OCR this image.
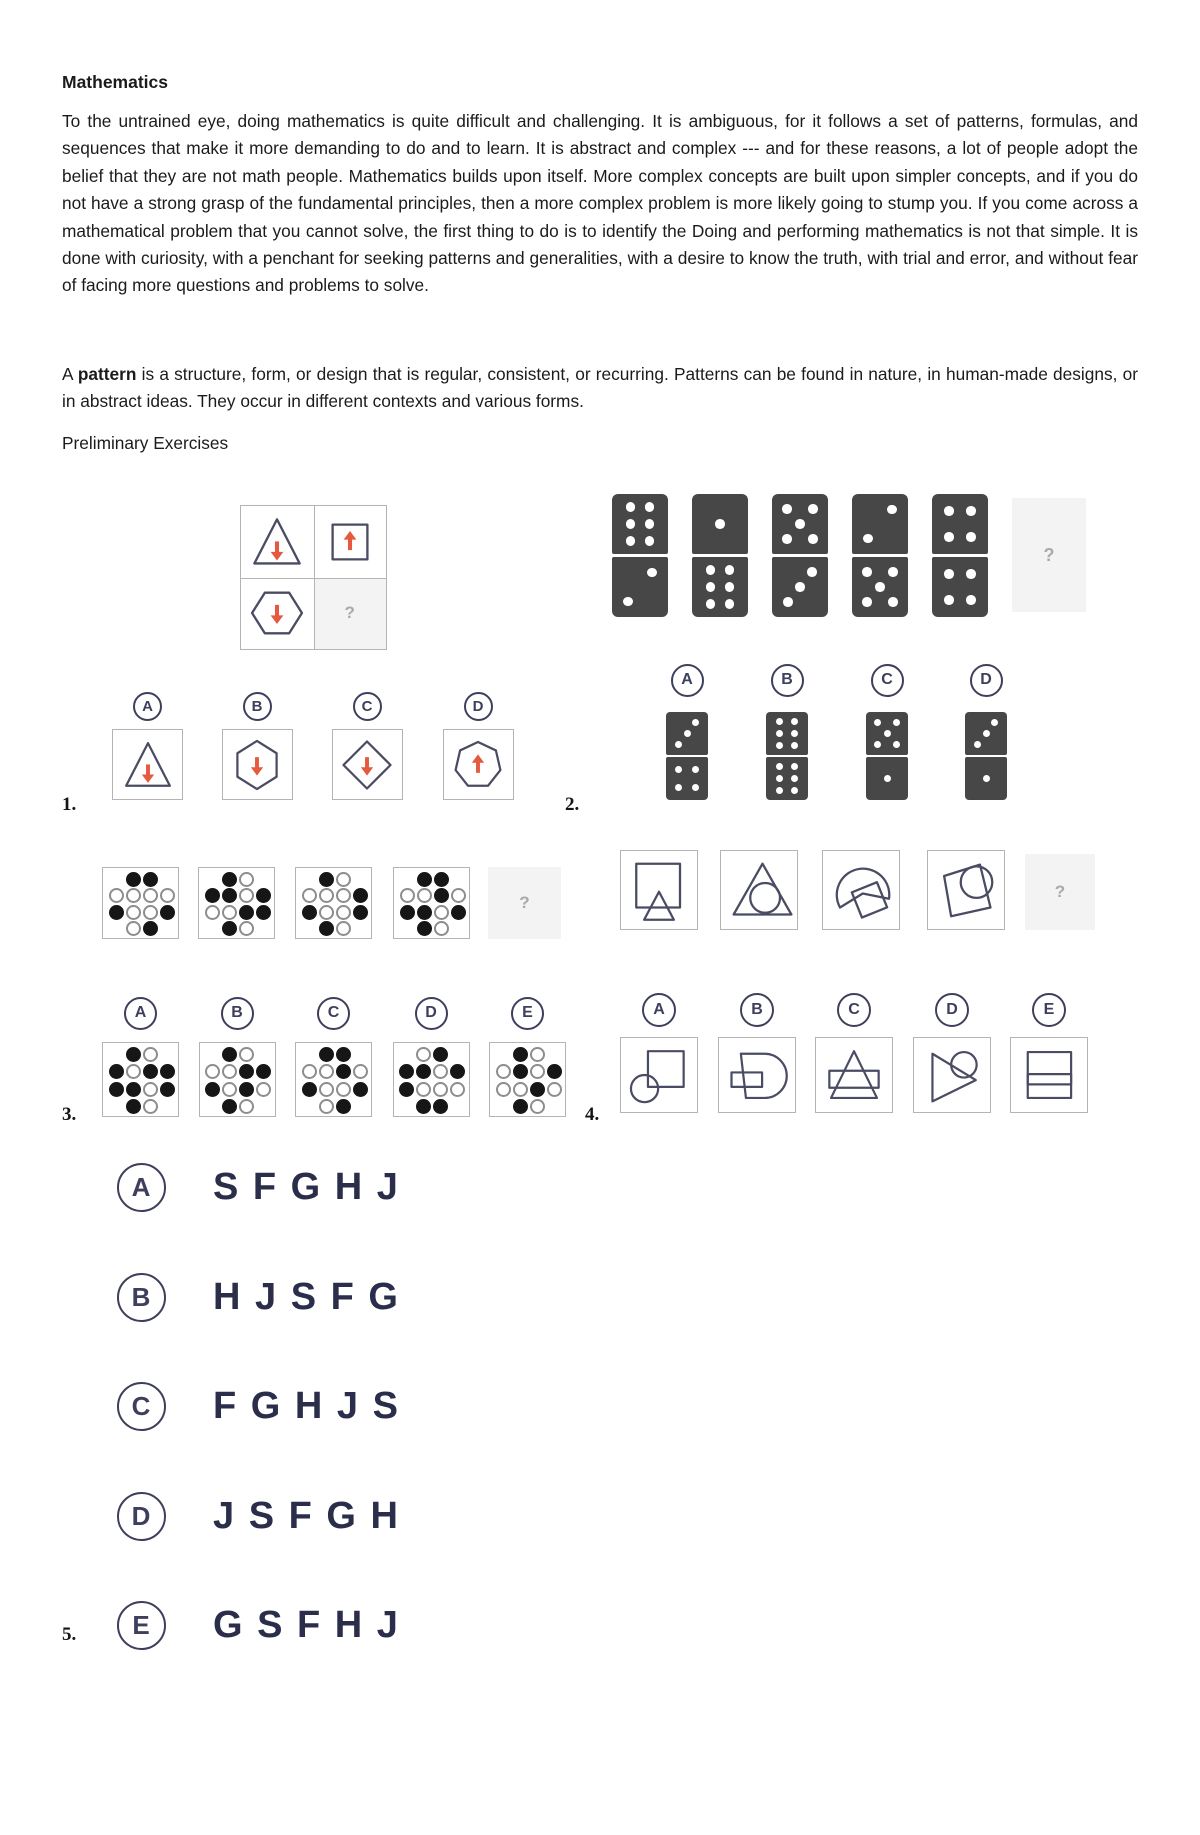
Mathematics

To the untrained eye, doing mathematics is quite difficult and challenging. It is ambiguous, for it follows a set of patterns, formulas, and sequences that make it more demanding to do and to learn. It is abstract and complex --- and for these reasons, a lot of people adopt the belief that they are not math people. Mathematics builds upon itself. More complex concepts are built upon simpler concepts, and if you do not have a strong grasp of the fundamental principles, then a more complex problem is more likely going to stump you. If you come across a mathematical problem that you cannot solve, the first thing to do is to identify the Doing and performing mathematics is not that simple. It is done with curiosity, with a penchant for seeking patterns and generalities, with a desire to know the truth, with trial and error, and without fear of facing more questions and problems to solve.

A pattern is a structure, form, or design that is regular, consistent, or recurring. Patterns can be found in nature, in human-made designs, or in abstract ideas. They occur in different contexts and various forms.

Preliminary Exercises
1.	2.
3.	4.
5.
?
A	B	C	D
?
A	B	C	D
?
A	B	C	D	E
?
A	B	C	D	E
A	S F G H J
B	H J S F G
C	F G H J S
D	J S F G H
E	G S F H J
